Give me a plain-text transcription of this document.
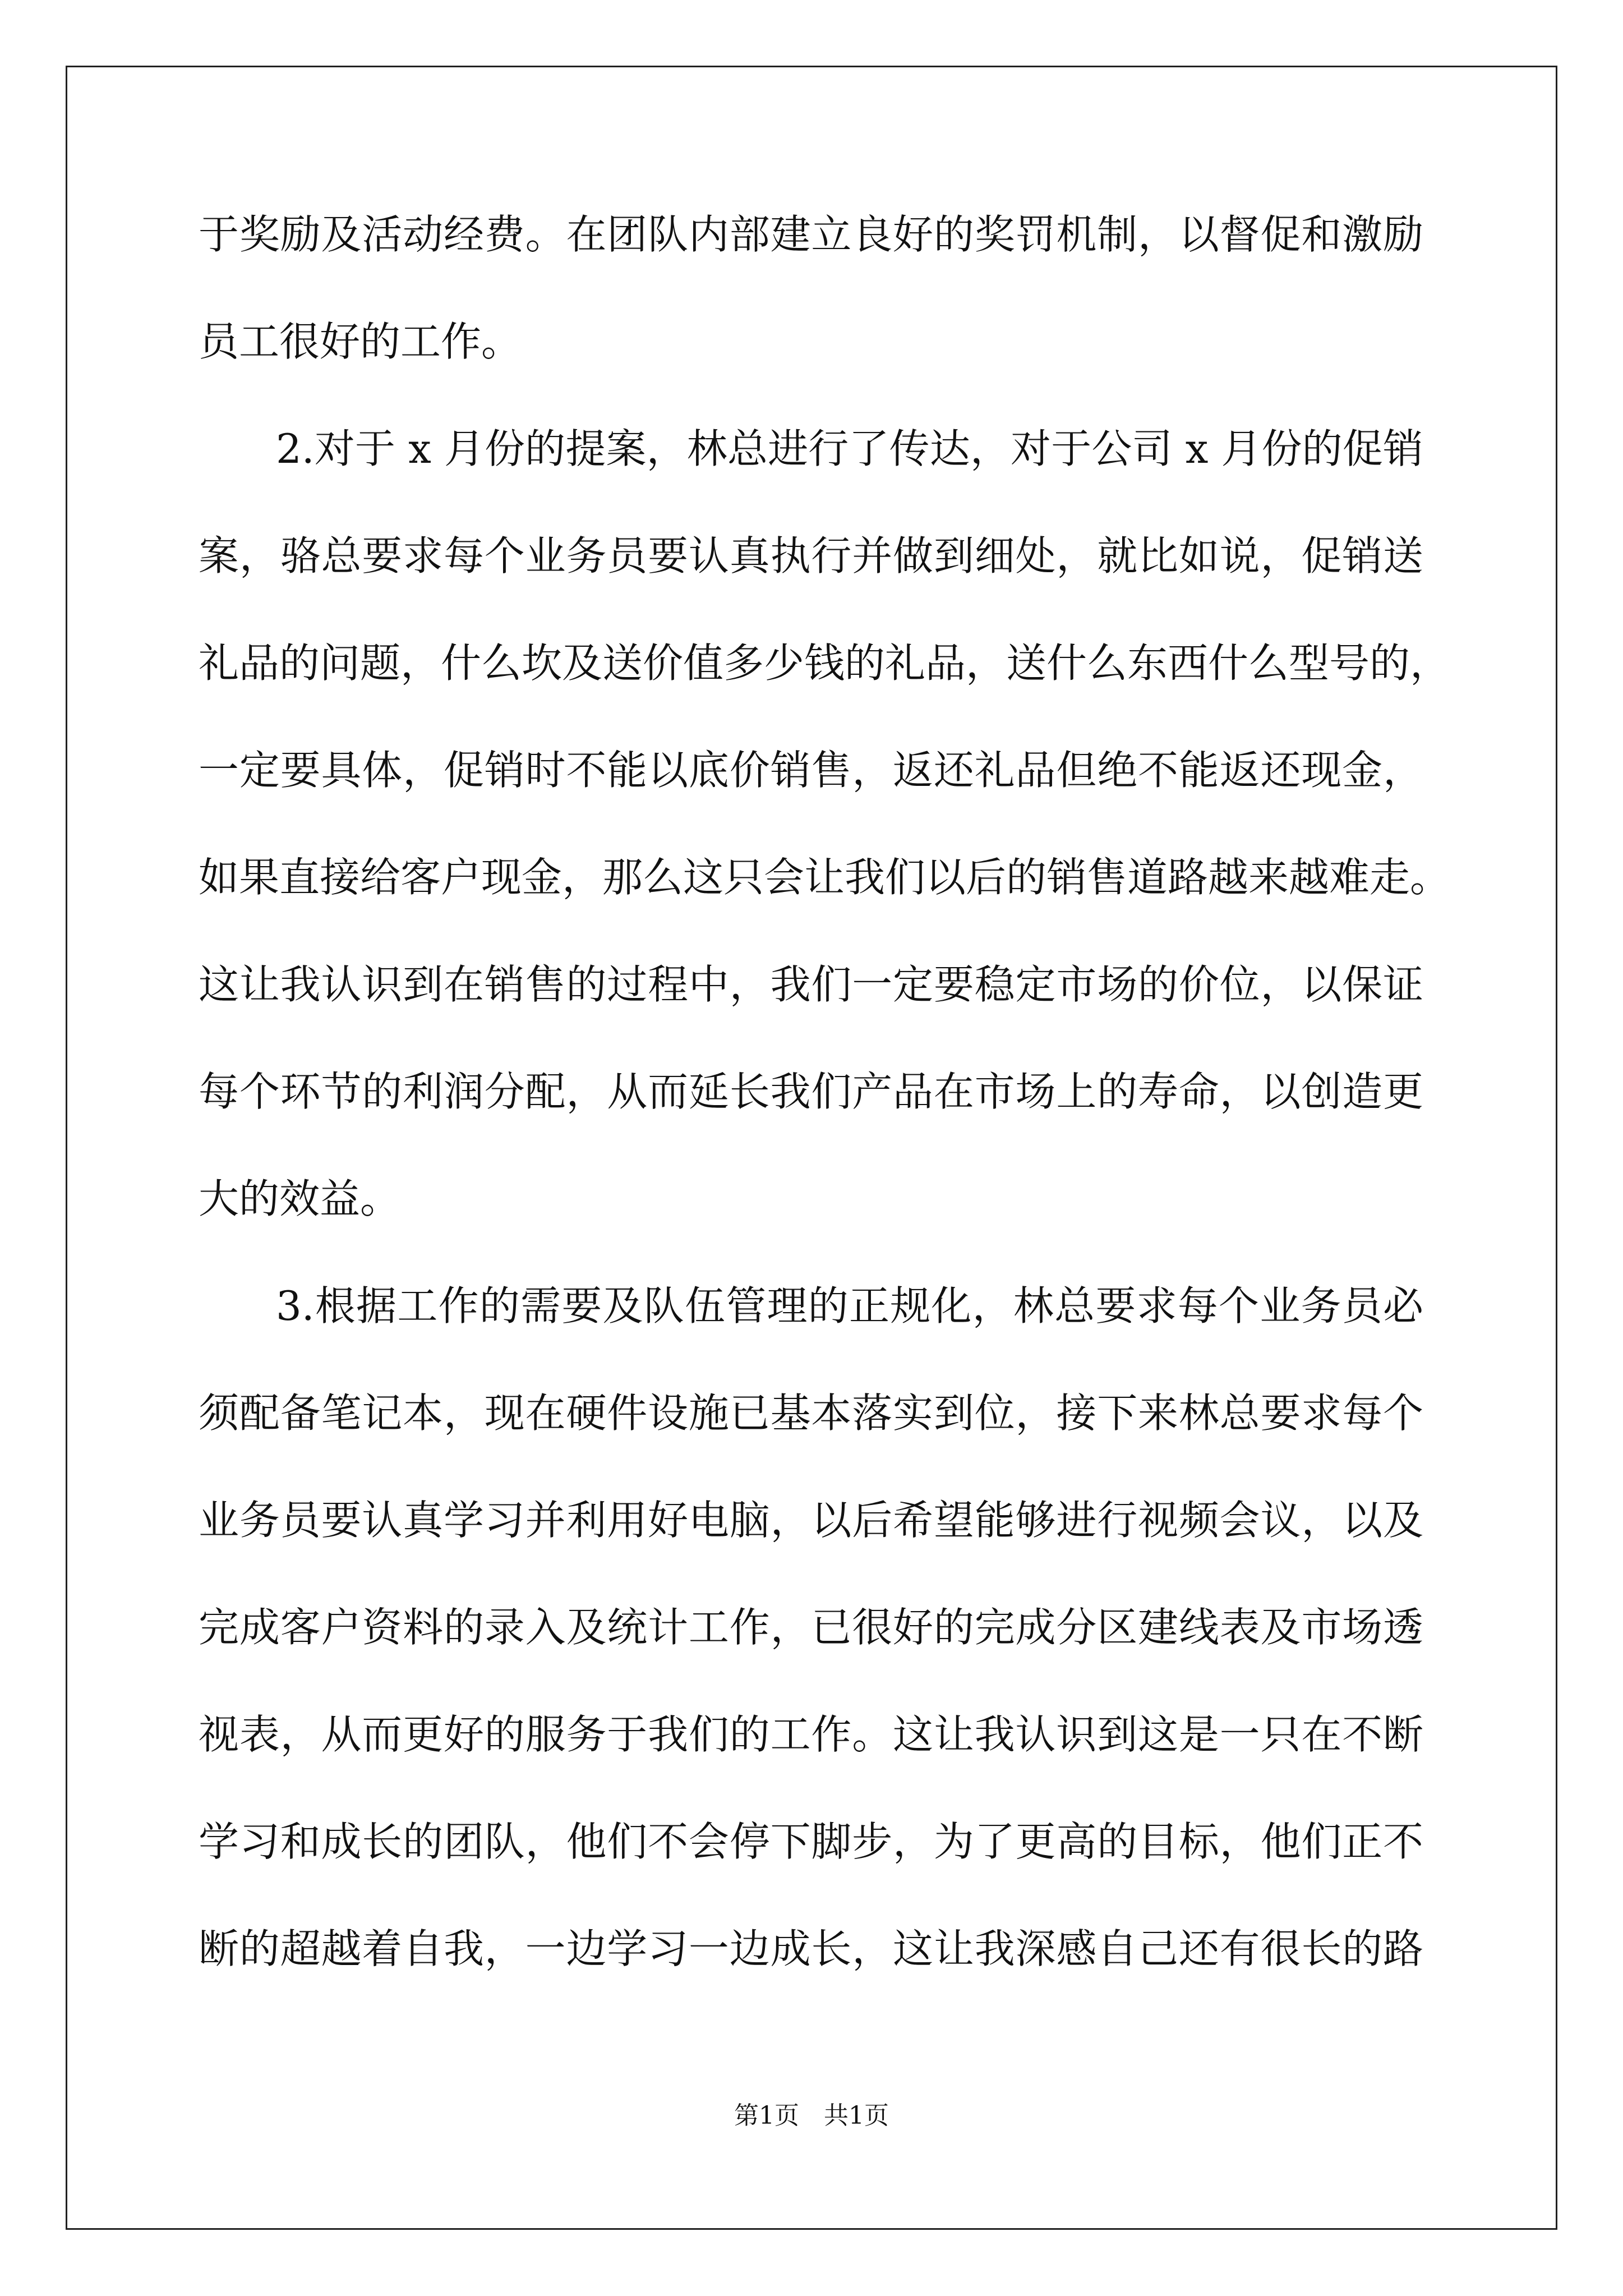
于奖励及活动经费。在团队内部建立良好的奖罚机制，以督促和激励
员工很好的工作。
2.对于 x 月份的提案，林总进行了传达，对于公司 x 月份的促销
案，骆总要求每个业务员要认真执行并做到细处，就比如说，促销送
礼品的问题，什么坎及送价值多少钱的礼品，送什么东西什么型号的，
一定要具体，促销时不能以底价销售，返还礼品但绝不能返还现金，
如果直接给客户现金，那么这只会让我们以后的销售道路越来越难走。
这让我认识到在销售的过程中，我们一定要稳定市场的价位，以保证
每个环节的利润分配，从而延长我们产品在市场上的寿命，以创造更
大的效益。
3.根据工作的需要及队伍管理的正规化，林总要求每个业务员必
须配备笔记本，现在硬件设施已基本落实到位，接下来林总要求每个
业务员要认真学习并利用好电脑，以后希望能够进行视频会议，以及
完成客户资料的录入及统计工作，已很好的完成分区建线表及市场透
视表，从而更好的服务于我们的工作。这让我认识到这是一只在不断
学习和成长的团队，他们不会停下脚步，为了更高的目标，他们正不
断的超越着自我，一边学习一边成长，这让我深感自己还有很长的路
第1页　共1页
